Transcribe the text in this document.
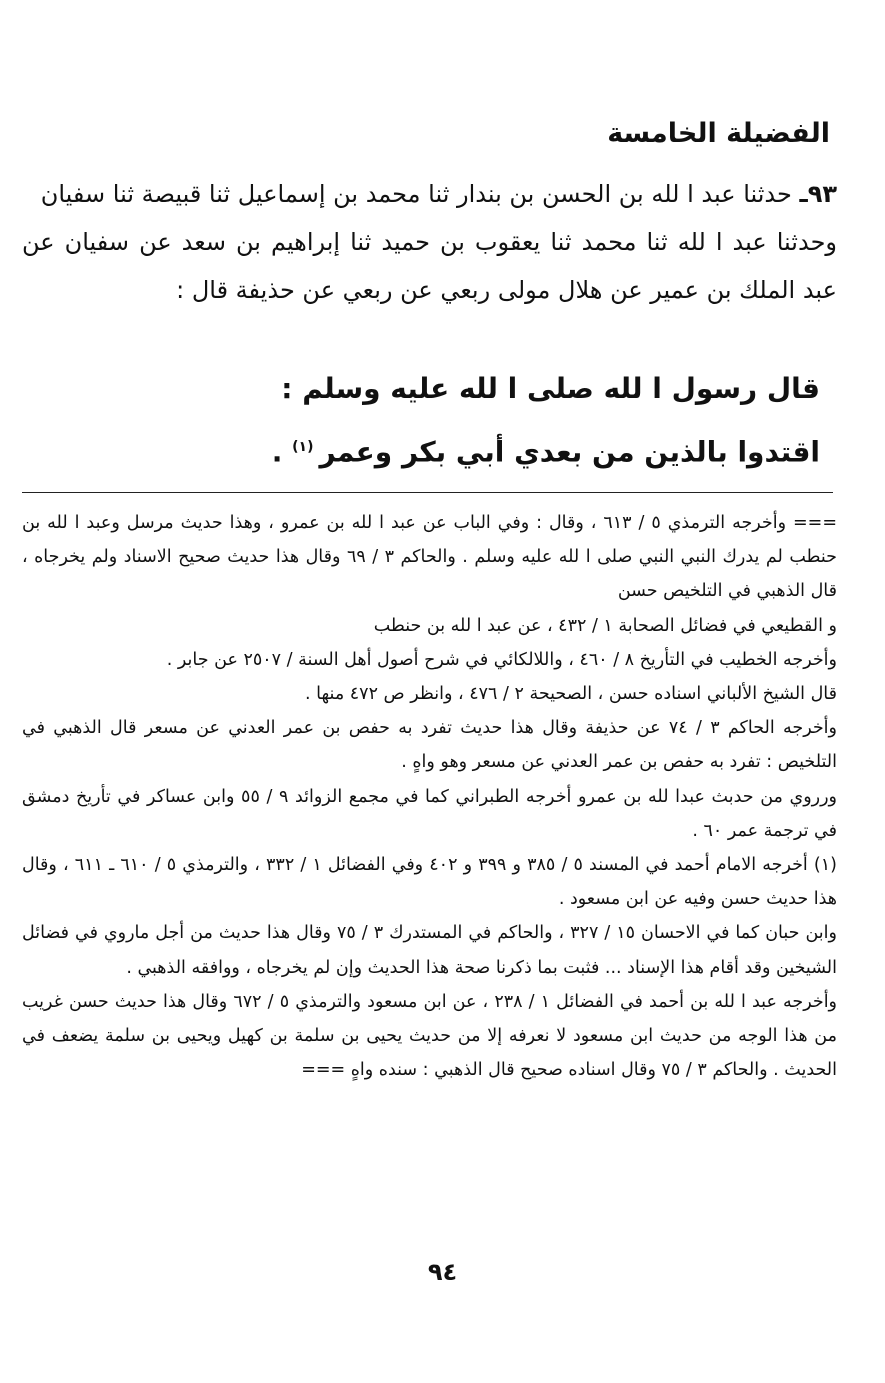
الفضيلة الخامسة

٩٣ـ حدثنا عبد ا لله بن الحسن بن بندار ثنا محمد بن إسماعيل ثنا قبيصة ثنا سفيان

وحدثنا عبد ا لله ثنا محمد ثنا يعقوب بن حميد ثنا إبراهيم بن سعد عن سفيان عن عبد الملك بن عمير عن هلال مولى ربعي عن ربعي عن حذيفة قال :

قال رسول ا لله صلى ا لله عليه وسلم :

اقتدوا بالذين من بعدي أبي بكر وعمر$^{(١)}$ .

=== وأخرجه الترمذي ٥ / ٦١٣ ، وقال : وفي الباب عن عبد ا لله بن عمرو ، وهذا حديث مرسل وعبد ا لله بن حنطب لم يدرك النبي النبي صلى ا لله عليه وسلم . والحاكم ٣ / ٦٩ وقال هذا حديث صحيح الاسناد ولم يخرجاه ، قال الذهبي في التلخيص حسن

و القطيعي في فضائل الصحابة ١ / ٤٣٢ ، عن عبد ا لله بن حنطب

وأخرجه الخطيب في التأريخ ٨ / ٤٦٠ ، واللالكائي في شرح أصول أهل السنة / ٢٥٠٧ عن جابر .

قال الشيخ الألباني اسناده حسن ، الصحيحة ٢ / ٤٧٦ ، وانظر ص ٤٧٢ منها .

وأخرجه الحاكم ٣ / ٧٤ عن حذيفة وقال هذا حديث تفرد به حفص بن عمر العدني عن مسعر قال الذهبي في التلخيص : تفرد به حفص بن عمر العدني عن مسعر وهو واهٍ .

ورروي من حدبث عبدا لله بن عمرو أخرجه الطبراني كما في مجمع الزوائد ٩ / ٥٥ وابن عساكر في تأريخ دمشق في ترجمة عمر ٦٠ .

(١) أخرجه الامام أحمد في المسند ٥ / ٣٨٥ و ٣٩٩ و ٤٠٢ وفي الفضائل ١ / ٣٣٢ ، والترمذي ٥ / ٦١٠ ـ ٦١١ ، وقال هذا حديث حسن وفيه عن ابن مسعود .

وابن حبان كما في الاحسان ١٥ / ٣٢٧ ، والحاكم في المستدرك ٣ / ٧٥ وقال هذا حديث من أجل ماروي في فضائل الشيخين وقد أقام هذا الإسناد ... فثبت بما ذكرنا صحة هذا الحديث وإن لم يخرجاه ، ووافقه الذهبي .

وأخرجه عبد ا لله بن أحمد في الفضائل ١ / ٢٣٨ ، عن ابن مسعود والترمذي ٥ / ٦٧٢ وقال هذا حديث حسن غريب من هذا الوجه من حديث ابن مسعود لا نعرفه إلا من حديث يحيى بن سلمة بن كهيل ويحيى بن سلمة يضعف في الحديث . والحاكم ٣ / ٧٥ وقال اسناده صحيح قال الذهبي : سنده واهٍ ===

٩٤
